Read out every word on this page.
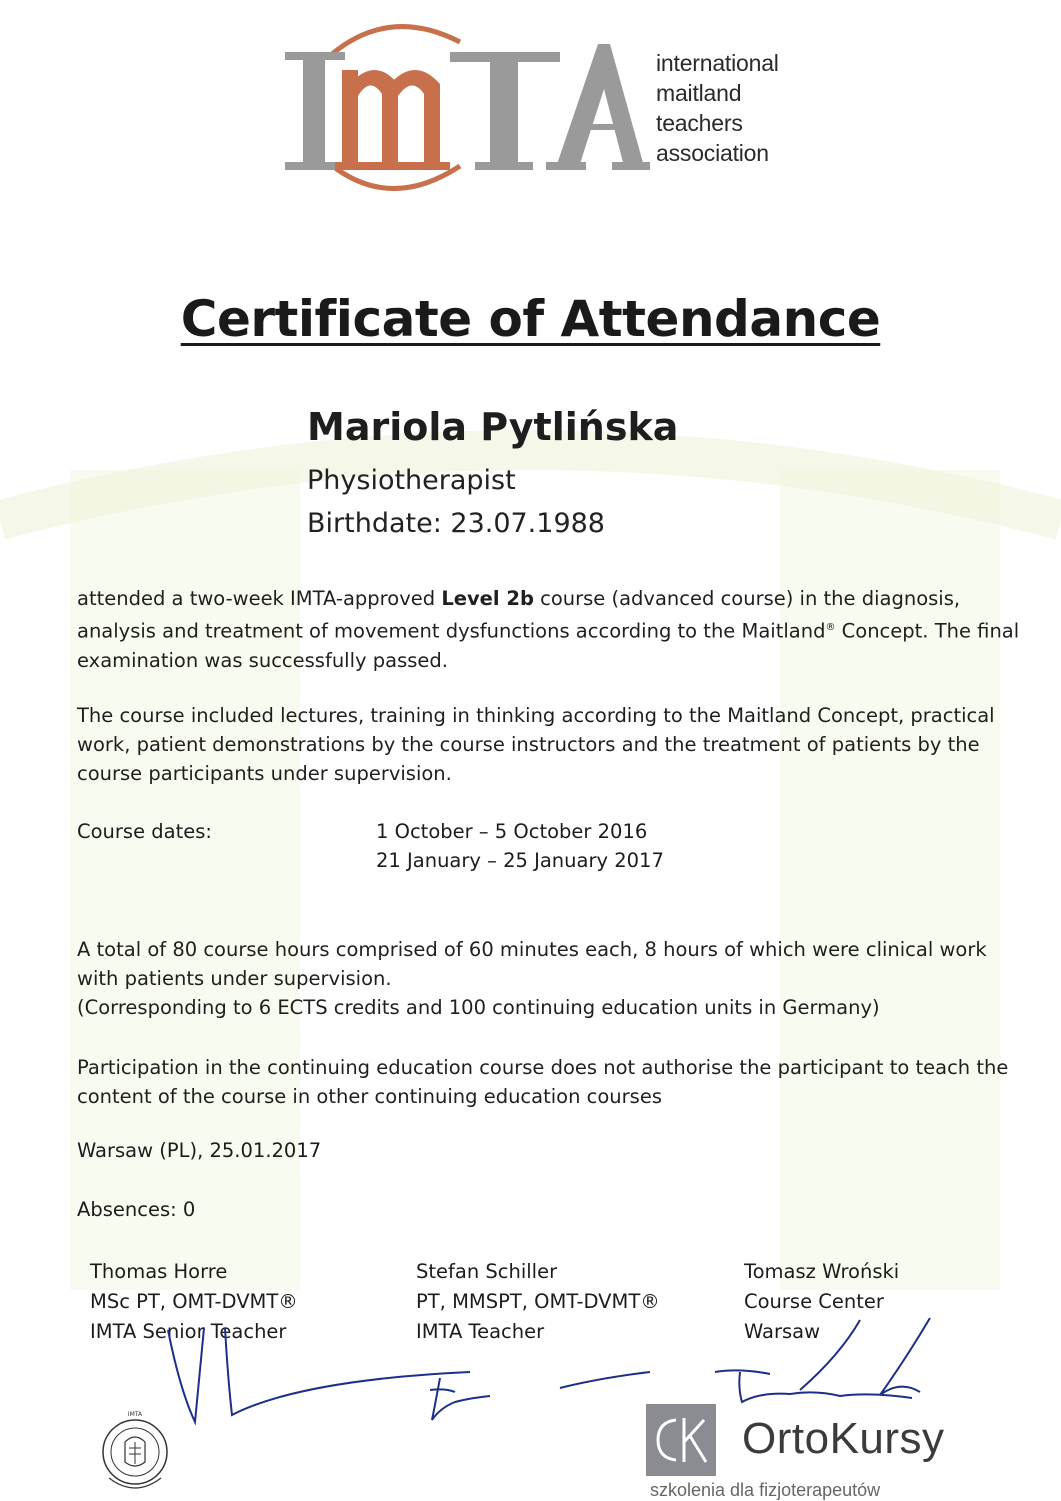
international
maitland
teachers
association
Certificate of Attendance
Mariola Pytlińska
Physiotherapist
Birthdate: 23.07.1988

attended a two-week IMTA-approved Level 2b course (advanced course) in the diagnosis, analysis and treatment of movement dysfunctions according to the Maitland® Concept. The final examination was successfully passed.

The course included lectures, training in thinking according to the Maitland Concept, practical work, patient demonstrations by the course instructors and the treatment of patients by the course participants under supervision.

Course dates:	1 October – 5 October 2016
21 January – 25 January 2017

A total of 80 course hours comprised of 60 minutes each, 8 hours of which were clinical work with patients under supervision.

(Corresponding to 6 ECTS credits and 100 continuing education units in Germany)

Participation in the continuing education course does not authorise the participant to teach the content of the course in other continuing education courses

Warsaw (PL), 25.01.2017
Absences: 0
Thomas Horre
MSc PT, OMT-DVMT®
IMTA Senior Teacher
Stefan Schiller
PT, MMSPT, OMT-DVMT®
IMTA Teacher
Tomasz Wroński
Course Center
Warsaw
IMTA	OrtoKursy
szkolenia dla fizjoterapeutów
